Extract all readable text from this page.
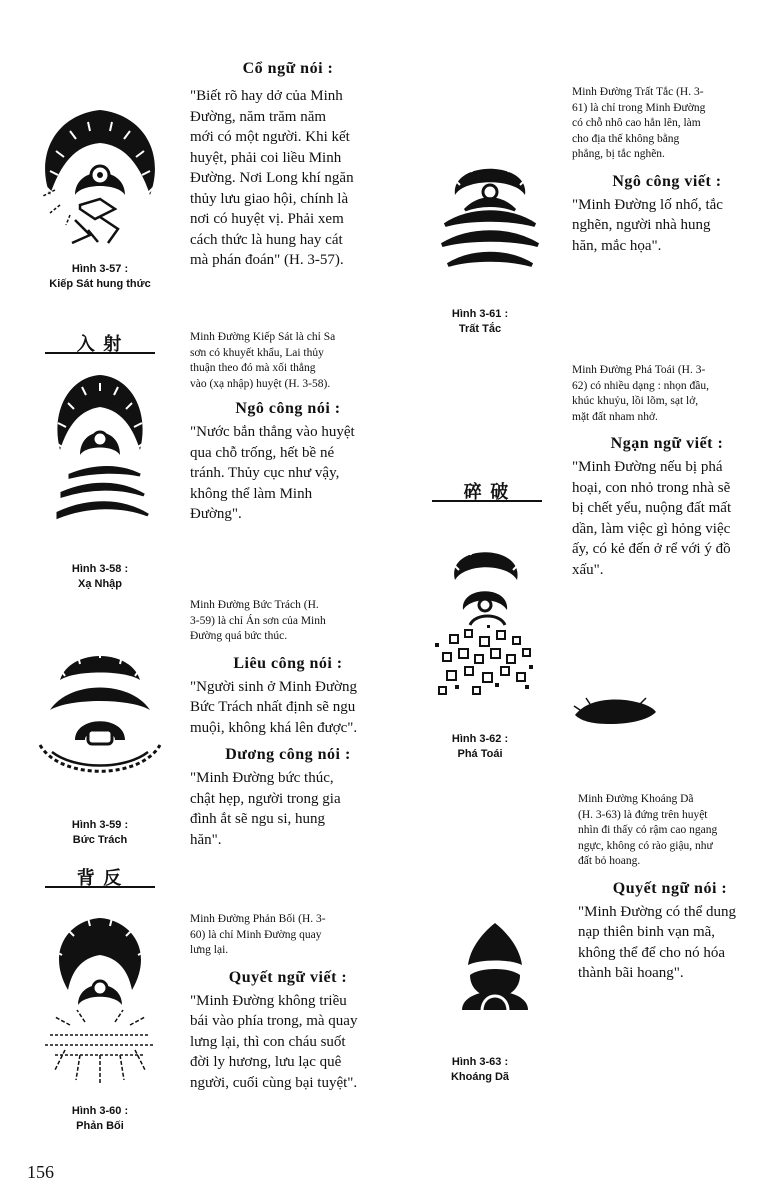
Hình 3-57 :
Kiếp Sát hung thức
入 射
Hình 3-58 :
Xạ Nhập
Hình 3-59 :
Bức Trách
背 反
Hình 3-60 :
Phản Bối
156
Cổ ngữ nói :
"Biết rõ hay dở của Minh
Đường, năm trăm năm
mới có một người. Khi kết
huyệt, phải coi liều Minh
Đường. Nơi Long khí ngăn
thủy lưu giao hội, chính là
nơi có huyệt vị. Phải xem
cách thức là hung hay cát
mà phán đoán" (H. 3-57).
Minh Đường Kiếp Sát là chỉ Sa
sơn có khuyết khẩu, Lai thủy
thuận theo đó mà xối thẳng
vào (xạ nhập) huyệt (H. 3-58).
Ngô công nói :
"Nước bắn thẳng vào huyệt
qua chỗ trống, hết bề né
tránh. Thủy cục như vậy,
không thể làm Minh
Đường".
Minh Đường Bức Trách (H.
3-59) là chỉ Án sơn của Minh
Đường quá bức thúc.
Liêu công nói :
"Người sinh ở Minh Đường
Bức Trách nhất định sẽ ngu
muội, không khá lên được".
Dương công nói :
"Minh Đường bức thúc,
chật hẹp, người trong gia
đình ắt sẽ ngu si, hung
hăn".
Minh Đường Phản Bối (H. 3-
60) là chỉ Minh Đường quay
lưng lại.
Quyết ngữ viết :
"Minh Đường không triều
bái vào phía trong, mà quay
lưng lại, thì con cháu suốt
đời ly hương, lưu lạc quê
người, cuối cùng bại tuyệt".
Hình 3-61 :
Trất Tắc
碎 破
Hình 3-62 :
Phá Toái
Hình 3-63 :
Khoáng Dã
Minh Đường Trất Tắc (H. 3-
61) là chỉ trong Minh Đường
có chỗ nhô cao hẳn lên, làm
cho địa thế không bằng
phẳng, bị tắc nghẽn.
Ngô công viết :
"Minh Đường lố nhố, tắc
nghẽn, người nhà hung
hăn, mắc họa".
Minh Đường Phá Toái (H. 3-
62) có nhiều dạng : nhọn đầu,
khúc khuỷu, lồi lõm, sạt lở,
mặt đất nham nhở.
Ngạn ngữ viết :
"Minh Đường nếu bị phá
hoại, con nhỏ trong nhà sẽ
bị chết yểu, nuộng đất mất
dần, làm việc gì hỏng việc
ấy, có kẻ đến ở rể với ý đồ
xấu".
Minh Đường Khoáng Dã
(H. 3-63) là đứng trên huyệt
nhìn đi thấy cỏ rậm cao ngang
ngực, không có rào giậu, như
đất bỏ hoang.
Quyết ngữ nói :
"Minh Đường có thể dung
nạp thiên binh vạn mã,
không thể để cho nó hóa
thành bãi hoang".
